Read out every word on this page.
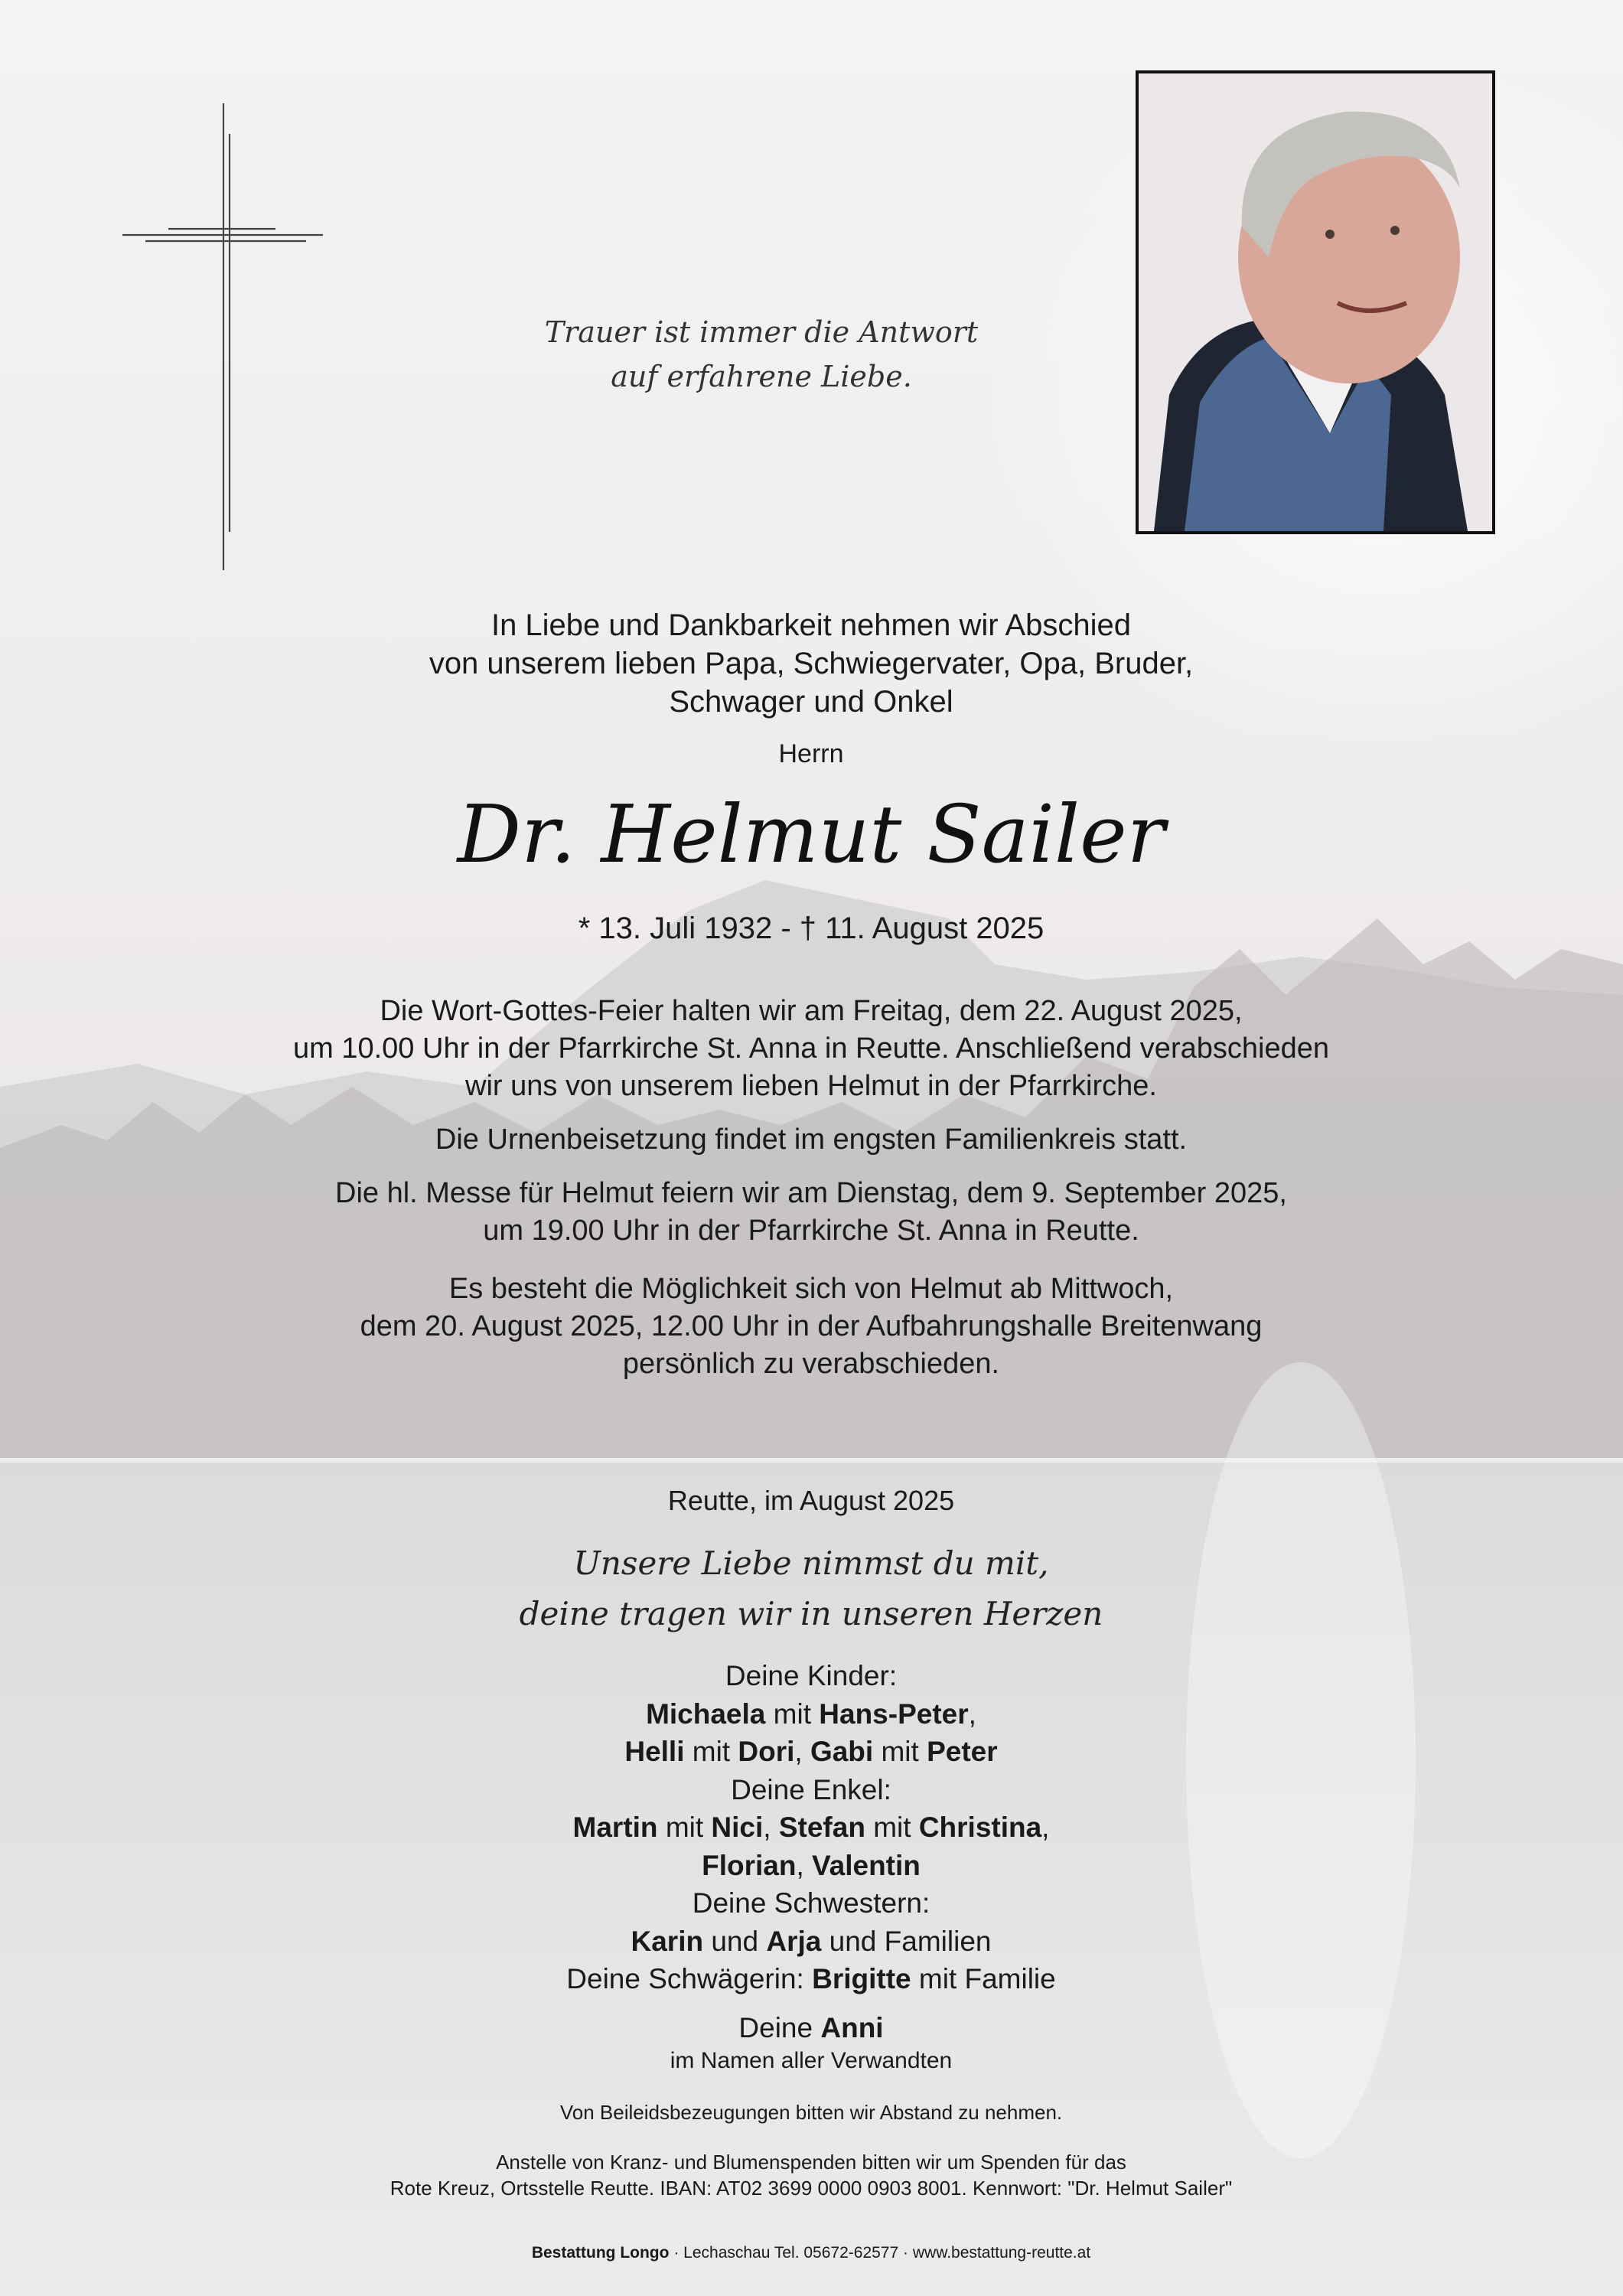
Trauer ist immer die Antwort
auf erfahrene Liebe.
In Liebe und Dankbarkeit nehmen wir Abschied
von unserem lieben Papa, Schwiegervater, Opa, Bruder,
Schwager und Onkel
Herrn
Dr. Helmut Sailer
* 13. Juli 1932 - † 11. August 2025
Die Wort-Gottes-Feier halten wir am Freitag, dem 22. August 2025,
um 10.00 Uhr in der Pfarrkirche St. Anna in Reutte. Anschließend verabschieden
wir uns von unserem lieben Helmut in der Pfarrkirche.
Die Urnenbeisetzung findet im engsten Familienkreis statt.
Die hl. Messe für Helmut feiern wir am Dienstag, dem 9. September 2025,
um 19.00 Uhr in der Pfarrkirche St. Anna in Reutte.
Es besteht die Möglichkeit sich von Helmut ab Mittwoch,
dem 20. August 2025, 12.00 Uhr in der Aufbahrungshalle Breitenwang
persönlich zu verabschieden.
Reutte, im August 2025
Unsere Liebe nimmst du mit,
deine tragen wir in unseren Herzen
Deine Kinder:
Michaela mit Hans-Peter,
Helli mit Dori, Gabi mit Peter
Deine Enkel:
Martin mit Nici, Stefan mit Christina,
Florian, Valentin
Deine Schwestern:
Karin und Arja und Familien
Deine Schwägerin: Brigitte mit Familie
Deine Anni
im Namen aller Verwandten
Von Beileidsbezeugungen bitten wir Abstand zu nehmen.
Anstelle von Kranz- und Blumenspenden bitten wir um Spenden für das
Rote Kreuz, Ortsstelle Reutte. IBAN: AT02 3699 0000 0903 8001. Kennwort: "Dr. Helmut Sailer"
Bestattung Longo · Lechaschau Tel. 05672-62577 · www.bestattung-reutte.at
